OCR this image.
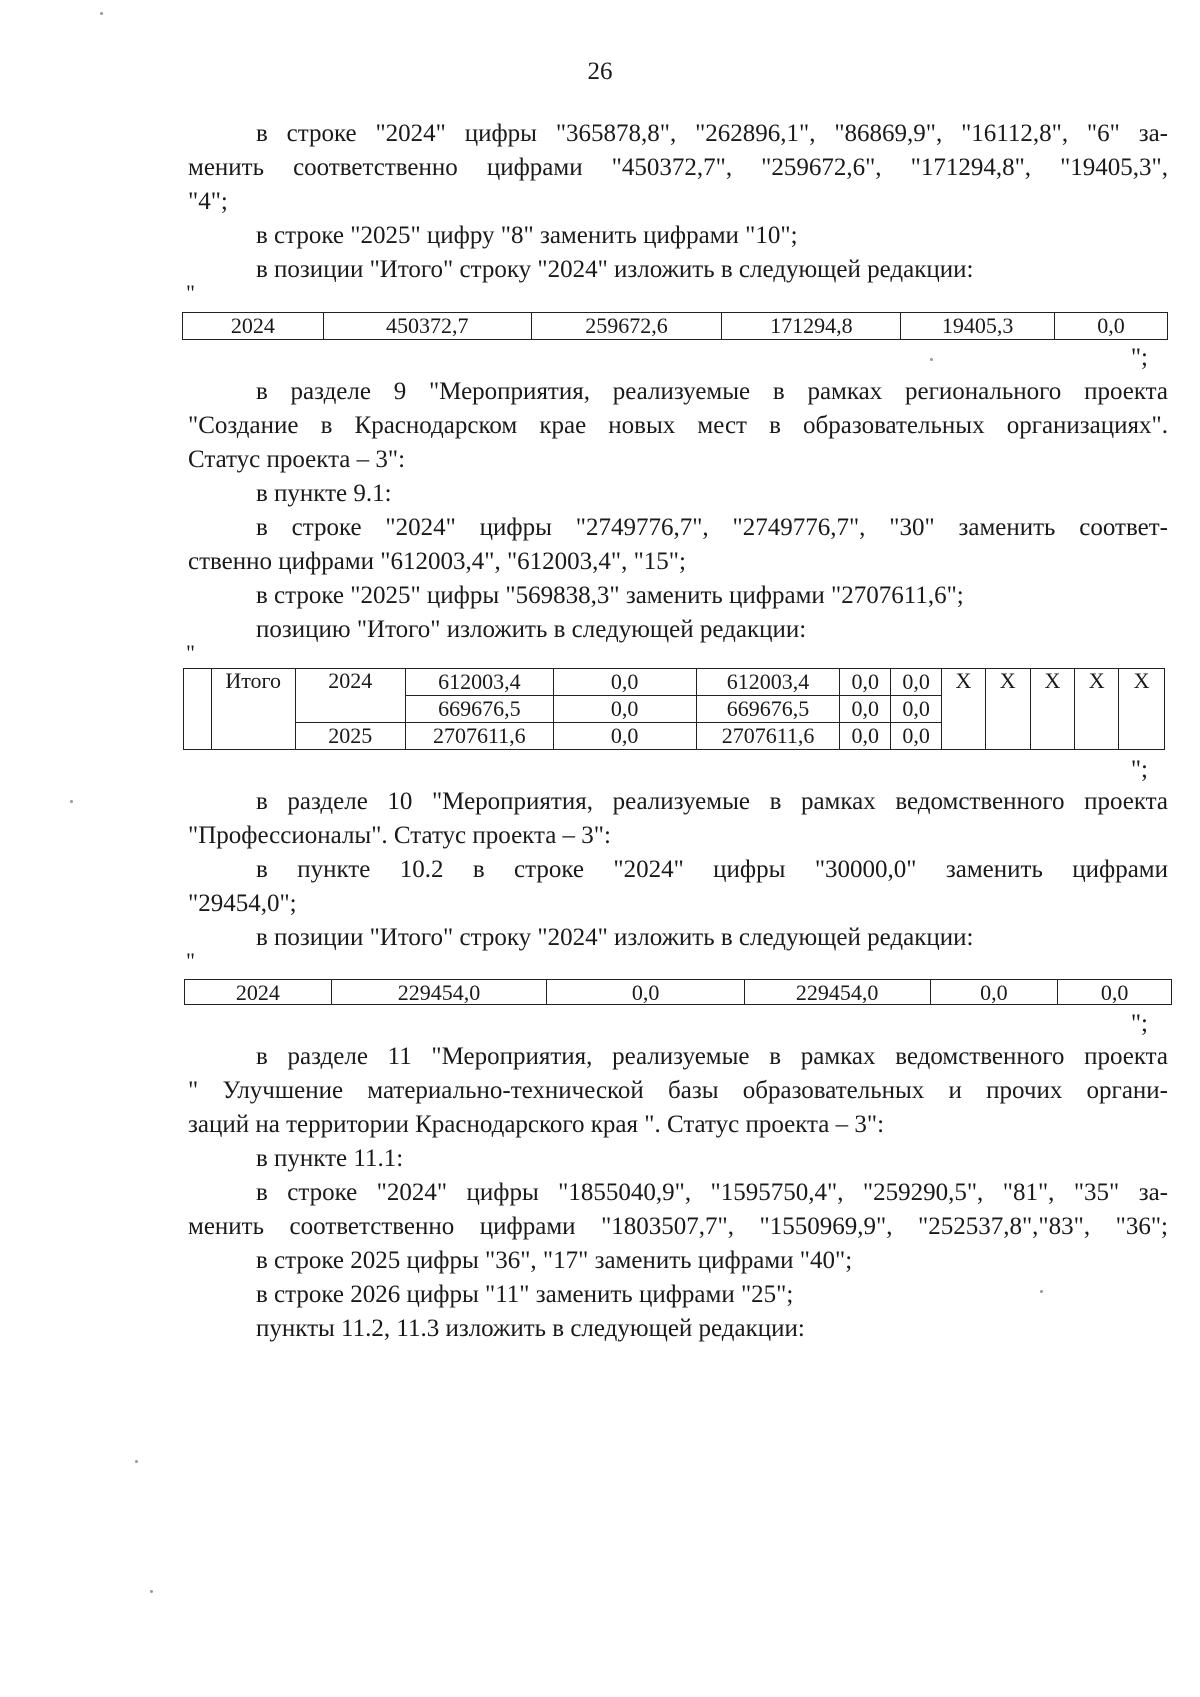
26
в строке "2024" цифры "365878,8", "262896,1", "86869,9", "16112,8", "6" за-
менить соответственно цифрами "450372,7", "259672,6", "171294,8", "19405,3",
"4";
в строке "2025" цифру "8" заменить цифрами "10";
в позиции "Итого" строку "2024" изложить в следующей редакции:
"
2024	450372,7	259672,6	171294,8	19405,3	0,0
";
в разделе 9 "Мероприятия, реализуемые в рамках регионального проекта
"Создание в Краснодарском крае новых мест в образовательных организациях".
Статус проекта – 3":
в пункте 9.1:
в строке "2024" цифры "2749776,7", "2749776,7", "30" заменить соответ-
ственно цифрами "612003,4", "612003,4", "15";
в строке "2025" цифры "569838,3" заменить цифрами "2707611,6";
позицию "Итого" изложить в следующей редакции:
"
	Итого	2024	612003,4	0,0	612003,4	0,0	0,0	Х	Х	Х	Х	Х
			669676,5	0,0	669676,5	0,0	0,0					
		2025	2707611,6	0,0	2707611,6	0,0	0,0					
";
в разделе 10 "Мероприятия, реализуемые в рамках ведомственного проекта
"Профессионалы". Статус проекта – 3":
в пункте 10.2 в строке "2024" цифры "30000,0" заменить цифрами
"29454,0";
в позиции "Итого" строку "2024" изложить в следующей редакции:
"
2024	229454,0	0,0	229454,0	0,0	0,0
";
в разделе 11 "Мероприятия, реализуемые в рамках ведомственного проекта
" Улучшение материально-технической базы образовательных и прочих органи-
заций на территории Краснодарского края ". Статус проекта – 3":
в пункте 11.1:
в строке "2024" цифры "1855040,9", "1595750,4", "259290,5", "81", "35" за-
менить соответственно цифрами "1803507,7", "1550969,9", "252537,8","83", "36";
в строке 2025 цифры "36", "17" заменить цифрами "40";
в строке 2026 цифры "11" заменить цифрами "25";
пункты 11.2, 11.3 изложить в следующей редакции:
